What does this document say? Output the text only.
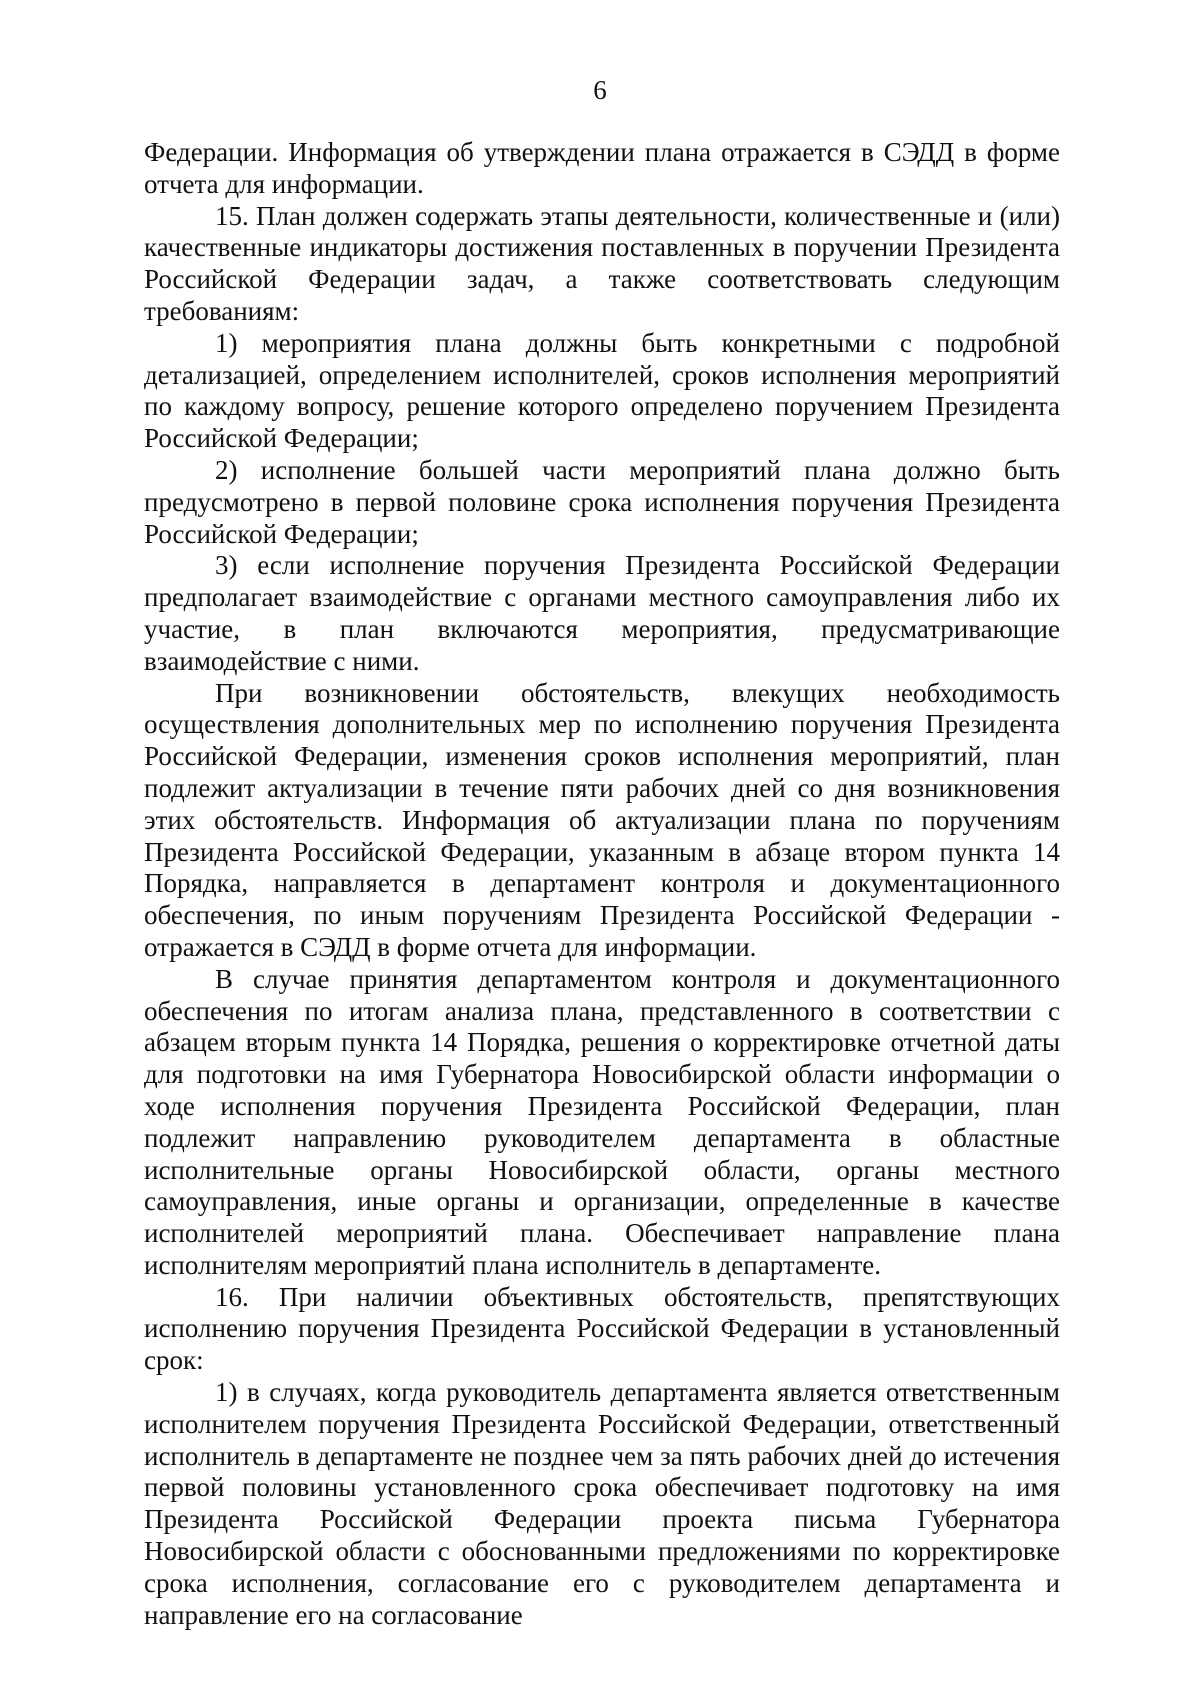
6

Федерации. Информация об утверждении плана отражается в СЭДД в форме отчета для информации.

15. План должен содержать этапы деятельности, количественные и (или) качественные индикаторы достижения поставленных в поручении Президента Российской Федерации задач, а также соответствовать следующим требованиям:

1) мероприятия плана должны быть конкретными с подробной детализацией, определением исполнителей, сроков исполнения мероприятий по каждому вопросу, решение которого определено поручением Президента Российской Федерации;

2) исполнение большей части мероприятий плана должно быть предусмотрено в первой половине срока исполнения поручения Президента Российской Федерации;

3) если исполнение поручения Президента Российской Федерации предполагает взаимодействие с органами местного самоуправления либо их участие, в план включаются мероприятия, предусматривающие взаимодействие с ними.

При возникновении обстоятельств, влекущих необходимость осуществления дополнительных мер по исполнению поручения Президента Российской Федерации, изменения сроков исполнения мероприятий, план подлежит актуализации в течение пяти рабочих дней со дня возникновения этих обстоятельств. Информация об актуализации плана по поручениям Президента Российской Федерации, указанным в абзаце втором пункта 14 Порядка, направляется в департамент контроля и документационного обеспечения, по иным поручениям Президента Российской Федерации - отражается в СЭДД в форме отчета для информации.

В случае принятия департаментом контроля и документационного обеспечения по итогам анализа плана, представленного в соответствии с абзацем вторым пункта 14 Порядка, решения о корректировке отчетной даты для подготовки на имя Губернатора Новосибирской области информации о ходе исполнения поручения Президента Российской Федерации, план подлежит направлению руководителем департамента в областные исполнительные органы Новосибирской области, органы местного самоуправления, иные органы и организации, определенные в качестве исполнителей мероприятий плана. Обеспечивает направление плана исполнителям мероприятий плана исполнитель в департаменте.

16. При наличии объективных обстоятельств, препятствующих исполнению поручения Президента Российской Федерации в установленный срок:

1) в случаях, когда руководитель департамента является ответственным исполнителем поручения Президента Российской Федерации, ответственный исполнитель в департаменте не позднее чем за пять рабочих дней до истечения первой половины установленного срока обеспечивает подготовку на имя Президента Российской Федерации проекта письма Губернатора Новосибирской области с обоснованными предложениями по корректировке срока исполнения, согласование его с руководителем департамента и направление его на согласование
